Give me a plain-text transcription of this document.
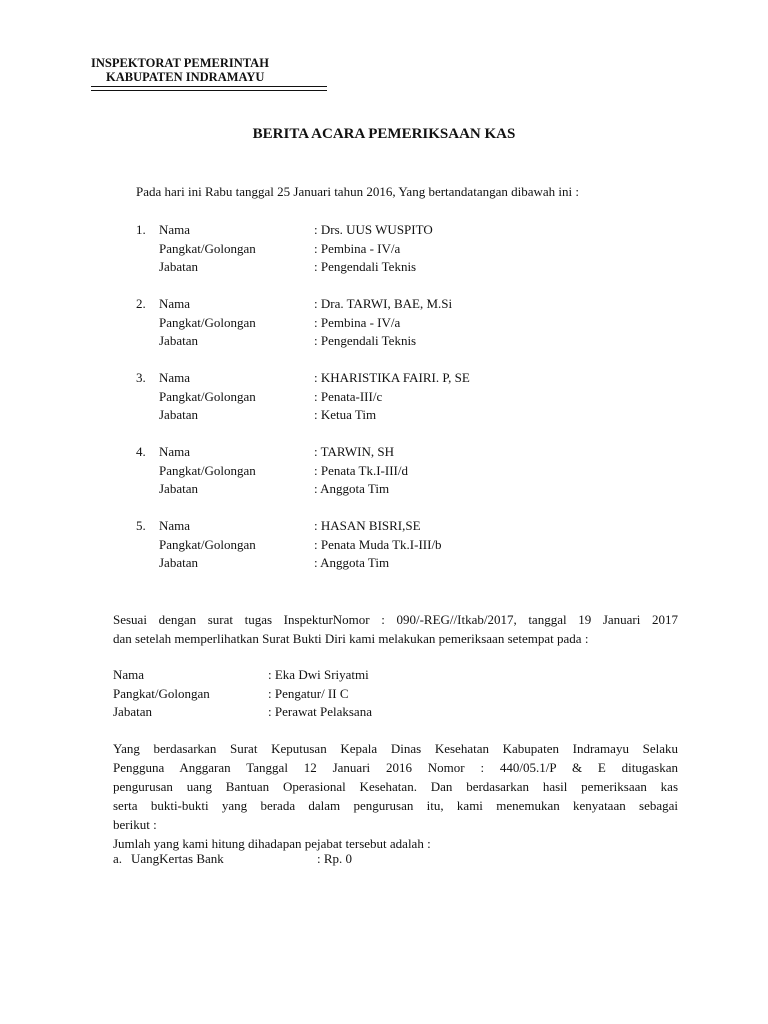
INSPEKTORAT PEMERINTAH
KABUPATEN INDRAMAYU
BERITA ACARA PEMERIKSAAN KAS
Pada hari ini Rabu tanggal 25 Januari tahun 2016, Yang bertandatangan dibawah ini :
1. Nama	: Drs. UUS WUSPITO
Pangkat/Golongan	: Pembina - IV/a
Jabatan	: Pengendali Teknis
2. Nama	: Dra. TARWI, BAE, M.Si
Pangkat/Golongan	: Pembina - IV/a
Jabatan	: Pengendali Teknis
3. Nama	: KHARISTIKA FAIRI. P, SE
Pangkat/Golongan	: Penata-III/c
Jabatan	: Ketua Tim
4. Nama	: TARWIN, SH
Pangkat/Golongan	: Penata Tk.I-III/d
Jabatan	: Anggota Tim
5. Nama	: HASAN BISRI,SE
Pangkat/Golongan	: Penata Muda Tk.I-III/b
Jabatan	: Anggota Tim
Sesuai dengan surat tugas InspekturNomor : 090/-REG//Itkab/2017, tanggal 19 Januari 2017
dan setelah memperlihatkan Surat Bukti Diri kami melakukan pemeriksaan setempat pada :
Nama	: Eka Dwi Sriyatmi
Pangkat/Golongan	: Pengatur/ II C
Jabatan	: Perawat Pelaksana
Yang berdasarkan Surat Keputusan Kepala Dinas Kesehatan Kabupaten Indramayu Selaku
Pengguna Anggaran Tanggal 12 Januari 2016 Nomor : 440/05.1/P & E ditugaskan
pengurusan uang Bantuan Operasional Kesehatan. Dan berdasarkan hasil pemeriksaan kas
serta bukti-bukti yang berada dalam pengurusan itu, kami menemukan kenyataan sebagai
berikut :
Jumlah yang kami hitung dihadapan pejabat tersebut adalah :
a. UangKertas Bank	: Rp. 0
